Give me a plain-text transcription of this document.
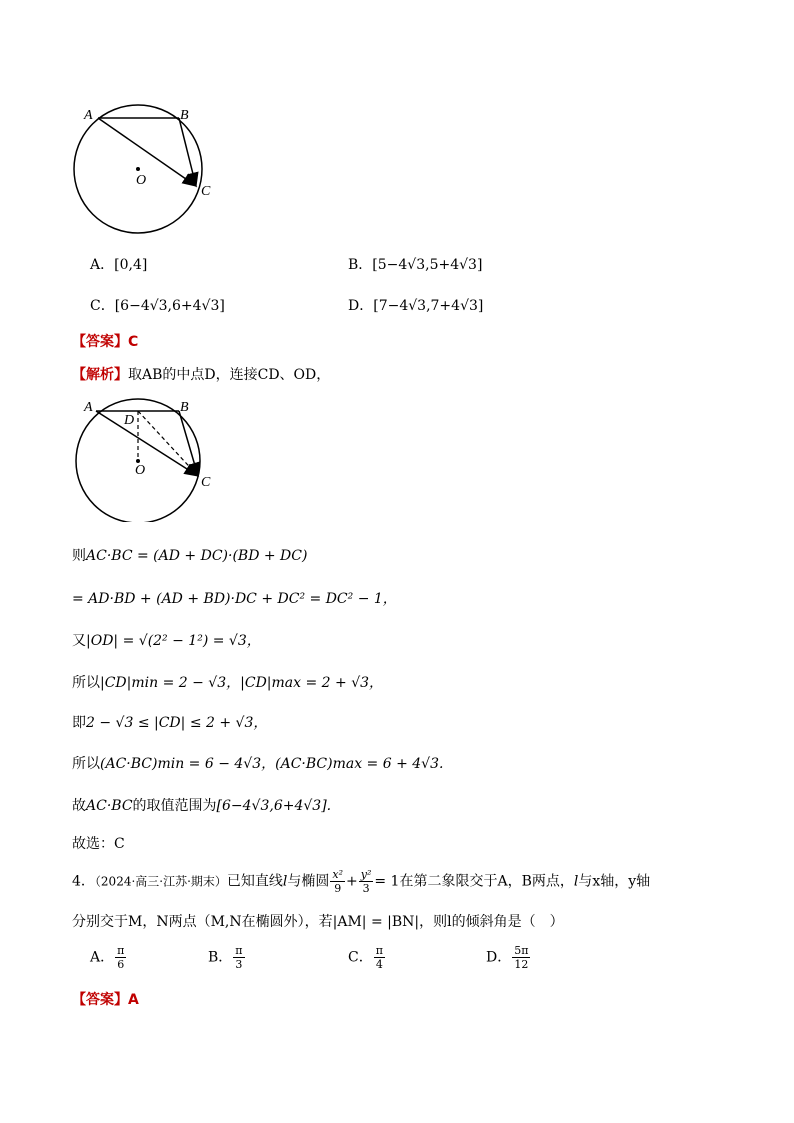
A	B
C
O
A．[0,4]	B．[5−4√3,5+4√3]
C．[6−4√3,6+4√3]	D．[7−4√3,7+4√3]
【答案】C
【解析】取AB的中点D，连接CD、OD，
A	B
D
C
O
则AC·BC = (AD + DC)·(BD + DC)
= AD·BD + (AD + BD)·DC + DC² = DC² − 1，
又|OD| = √(2² − 1²) = √3，
所以|CD|min = 2 − √3，|CD|max = 2 + √3，
即2 − √3 ≤ |CD| ≤ 2 + √3，
所以(AC·BC)min = 6 − 4√3，(AC·BC)max = 6 + 4√3.
故AC·BC的取值范围为[6−4√3,6+4√3].
故选：C
4．（2024·高三·江苏·期末）已知直线l与椭圆 $\frac{\text{x²}}{9} + \frac{\text{y²}}{3} = 1$在第二象限交于A，B两点，l与x轴，y轴
分别交于M，N两点（M,N在椭圆外），若|AM| = |BN|，则l的倾斜角是（　）
A． $\frac{\pi}{6}$	B． $\frac{\pi}{3}$	C． $\frac{\pi}{4}$	D． $\frac{5\pi}{12}$
【答案】A
